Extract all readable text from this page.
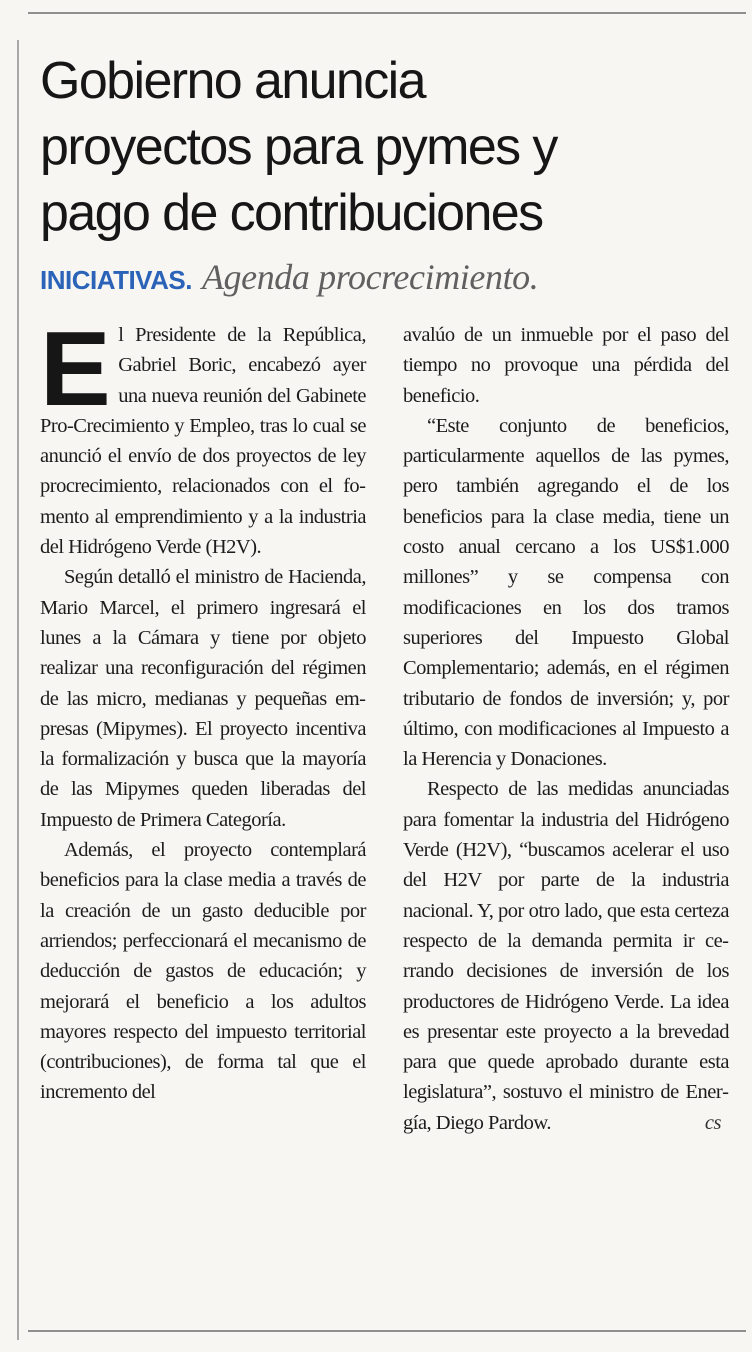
Gobierno anuncia
proyectos para pymes y
pago de contribuciones
INICIATIVAS. Agenda procrecimiento.

El Presidente de la República, Gabriel Boric, encabezó ayer una nueva reunión del Gabinete Pro-Crecimiento y Empleo, tras lo cual se anunció el envío de dos proyectos de ley procrecimiento, relacionados con el fomento al emprendimiento y a la industria del Hidrógeno Verde (H2V).

Según detalló el ministro de Hacienda, Mario Marcel, el primero ingresará el lunes a la Cámara y tiene por objeto realizar una reconfiguración del régimen de las micro, medianas y pequeñas empresas (Mipymes). El proyecto incentiva la formalización y busca que la mayoría de las Mipymes queden liberadas del Impuesto de Primera Categoría.

Además, el proyecto contemplará beneficios para la clase media a través de la creación de un gasto deducible por arriendos; perfeccionará el mecanismo de deducción de gastos de educación; y mejorará el beneficio a los adultos mayores respecto del impuesto territorial (contribuciones), de forma tal que el incremento del

avalúo de un inmueble por el paso del tiempo no provoque una pérdida del beneficio.

“Este conjunto de beneficios, particularmente aquellos de las pymes, pero también agregando el de los beneficios para la clase media, tiene un costo anual cercano a los US$1.000 millones” y se compensa con modificaciones en los dos tramos superiores del Impuesto Global Complementario; además, en el régimen tributario de fondos de inversión; y, por último, con modificaciones al Impuesto a la Herencia y Donaciones.

Respecto de las medidas anunciadas para fomentar la industria del Hidrógeno Verde (H2V), “buscamos acelerar el uso del H2V por parte de la industria nacional. Y, por otro lado, que esta certeza respecto de la demanda permita ir cerrando decisiones de inversión de los productores de Hidrógeno Verde. La idea es presentar este proyecto a la brevedad para que quede aprobado durante esta legislatura”, sostuvo el ministro de Energía, Diego Pardow.	cs
